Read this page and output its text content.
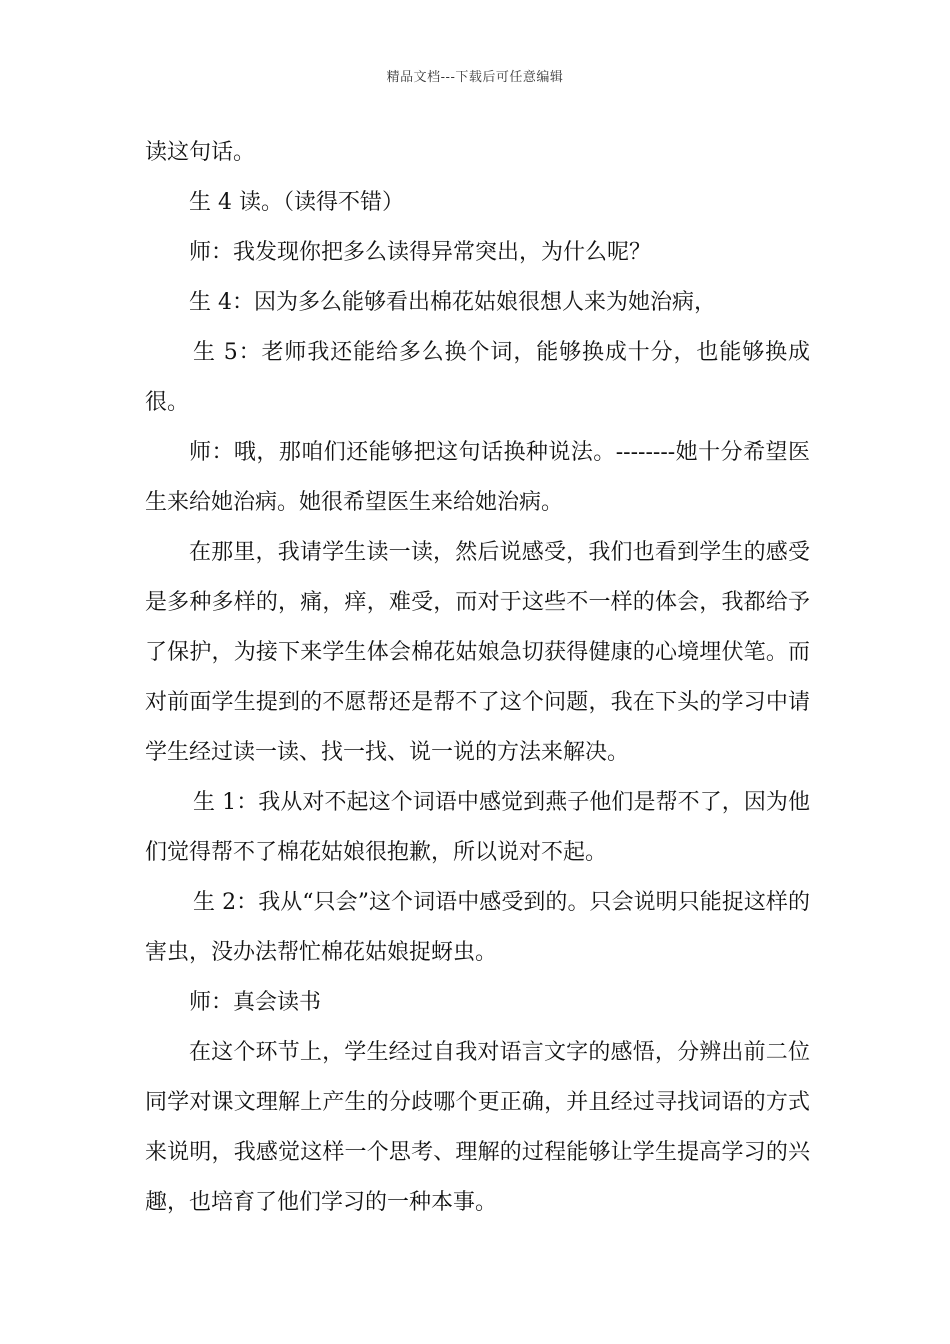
精品文档---下载后可任意编辑

读这句话。

生 4 读。（读得不错）

师：我发现你把多么读得异常突出，为什么呢？

生 4：因为多么能够看出棉花姑娘很想人来为她治病，

生 5：老师我还能给多么换个词，能够换成十分，也能够换成很。

师：哦，那咱们还能够把这句话换种说法。--------她十分希望医生来给她治病。她很希望医生来给她治病。

在那里，我请学生读一读，然后说感受，我们也看到学生的感受是多种多样的，痛，痒，难受，而对于这些不一样的体会，我都给予了保护，为接下来学生体会棉花姑娘急切获得健康的心境埋伏笔。而对前面学生提到的不愿帮还是帮不了这个问题，我在下头的学习中请学生经过读一读、找一找、说一说的方法来解决。

生 1：我从对不起这个词语中感觉到燕子他们是帮不了，因为他们觉得帮不了棉花姑娘很抱歉，所以说对不起。

生 2：我从“只会”这个词语中感受到的。只会说明只能捉这样的害虫，没办法帮忙棉花姑娘捉蚜虫。

师：真会读书

在这个环节上，学生经过自我对语言文字的感悟，分辨出前二位同学对课文理解上产生的分歧哪个更正确，并且经过寻找词语的方式来说明，我感觉这样一个思考、理解的过程能够让学生提高学习的兴趣，也培育了他们学习的一种本事。
